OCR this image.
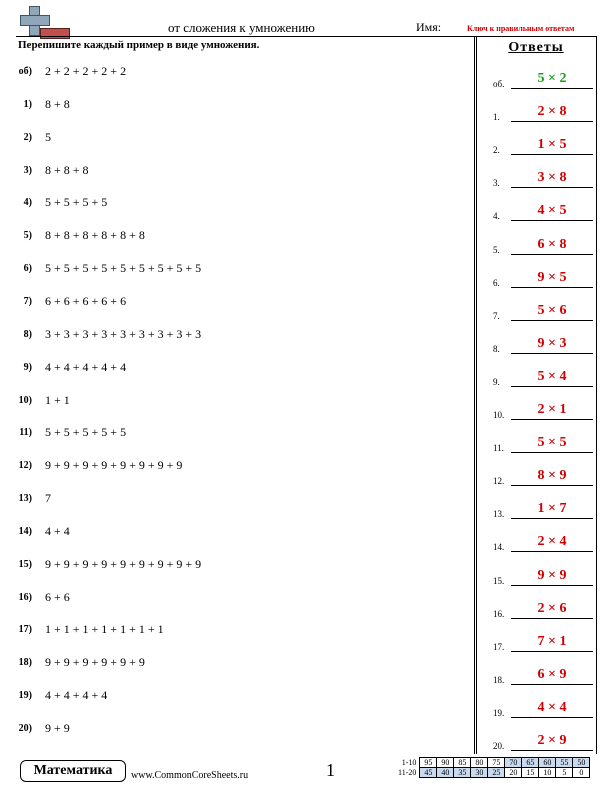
от сложения к умножению	Имя:	Ключ к правильным ответам
Перепишите каждый пример в виде умножения.	Ответы
об) 2 + 2 + 2 + 2 + 2
1) 8 + 8
2) 5
3) 8 + 8 + 8
4) 5 + 5 + 5 + 5
5) 8 + 8 + 8 + 8 + 8 + 8
6) 5 + 5 + 5 + 5 + 5 + 5 + 5 + 5 + 5
7) 6 + 6 + 6 + 6 + 6
8) 3 + 3 + 3 + 3 + 3 + 3 + 3 + 3 + 3
9) 4 + 4 + 4 + 4 + 4
10) 1 + 1
11) 5 + 5 + 5 + 5 + 5
12) 9 + 9 + 9 + 9 + 9 + 9 + 9 + 9
13) 7
14) 4 + 4
15) 9 + 9 + 9 + 9 + 9 + 9 + 9 + 9 + 9
16) 6 + 6
17) 1 + 1 + 1 + 1 + 1 + 1 + 1
18) 9 + 9 + 9 + 9 + 9 + 9
19) 4 + 4 + 4 + 4
20) 9 + 9
об.	5 × 2
1.	2 × 8
2.	1 × 5
3.	3 × 8
4.	4 × 5
5.	6 × 8
6.	9 × 5
7.	5 × 6
8.	9 × 3
9.	5 × 4
10.	2 × 1
11.	5 × 5
12.	8 × 9
13.	1 × 7
14.	2 × 4
15.	9 × 9
16.	2 × 6
17.	7 × 1
18.	6 × 9
19.	4 × 4
20.	2 × 9
Математика	www.CommonCoreSheets.ru	1	1-10	95	90	85	80	75	70	65	60	55	50
11-20	45	40	35	30	25	20	15	10	5	0
